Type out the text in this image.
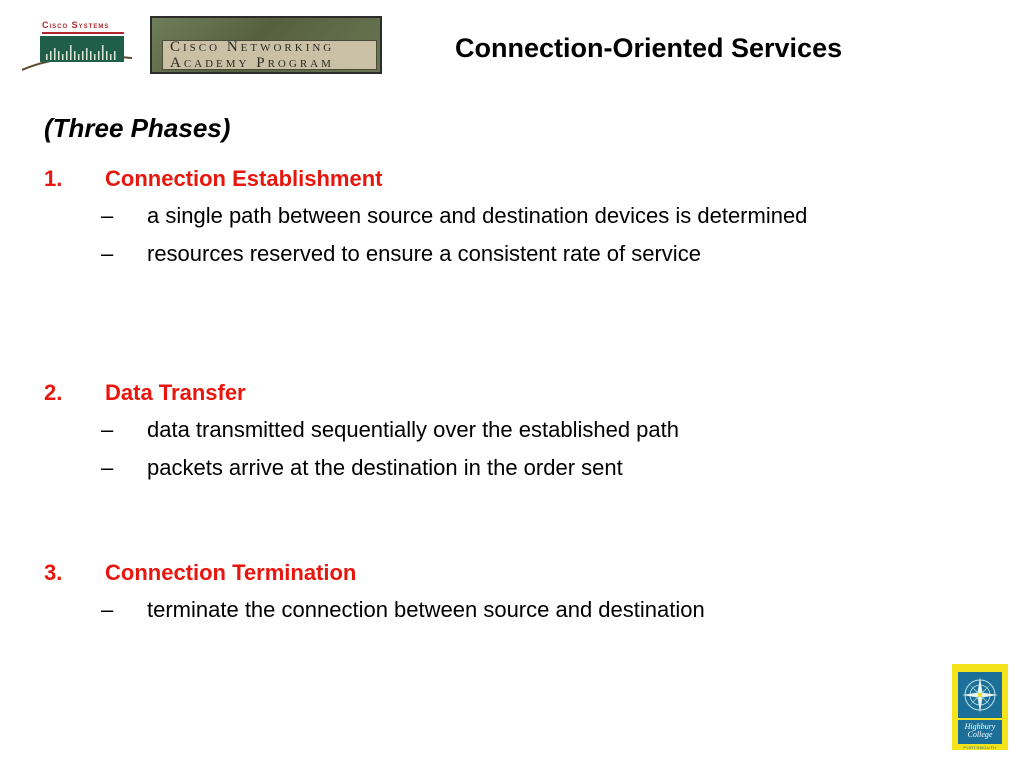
Cisco Systems
Cisco Networking
Academy Program	Connection-Oriented Services
(Three Phases)
1.	Connection Establishment
–	a single path between source and destination devices is determined
–	resources reserved to ensure a consistent rate of service
2.	Data Transfer
–	data transmitted sequentially over the established path
–	packets arrive at the destination in the order sent
3.	Connection Termination
–	terminate the connection between source and destination
Highbury
College
PORTSMOUTH
